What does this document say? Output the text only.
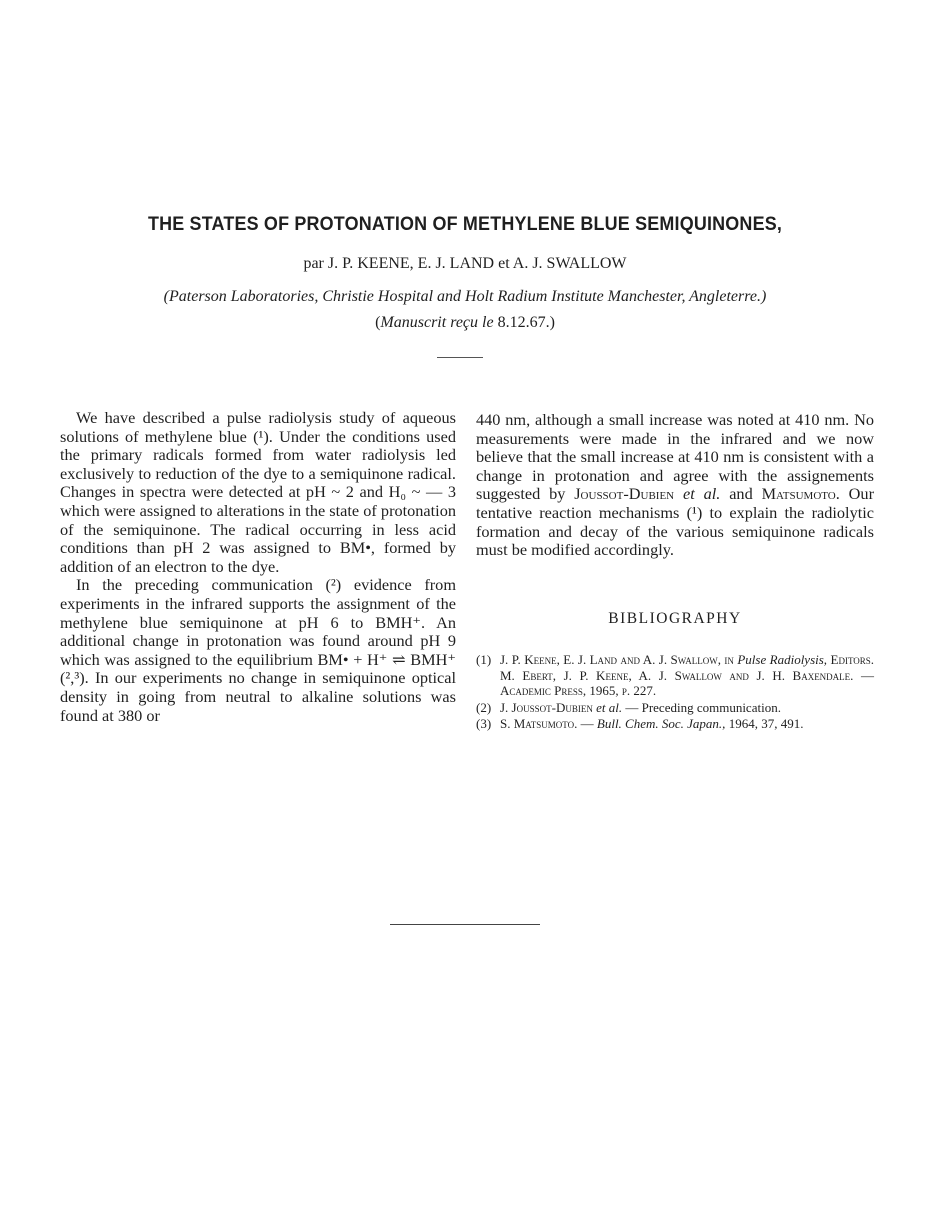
THE STATES OF PROTONATION OF METHYLENE BLUE SEMIQUINONES,
par J. P. KEENE, E. J. LAND et A. J. SWALLOW
(Paterson Laboratories, Christie Hospital and Holt Radium Institute Manchester, Angleterre.)
(Manuscrit reçu le 8.12.67.)

We have described a pulse radiolysis study of aqueous solutions of methylene blue (¹). Under the conditions used the primary radicals formed from water radiolysis led exclusively to reduction of the dye to a semiquinone radical. Changes in spectra were detected at pH ~ 2 and H₀ ~ — 3 which were assigned to alterations in the state of protonation of the semiquinone. The radical occurring in less acid conditions than pH 2 was assigned to BM•, formed by addition of an electron to the dye.

In the preceding communication (²) evidence from experiments in the infrared supports the assignment of the methylene blue semiquinone at pH 6 to BMH⁺. An additional change in protonation was found around pH 9 which was assigned to the equilibrium BM• + H⁺ ⇌ BMH⁺ (²,³). In our experiments no change in semiquinone optical density in going from neutral to alkaline solutions was found at 380 or

440 nm, although a small increase was noted at 410 nm. No measurements were made in the infrared and we now believe that the small increase at 410 nm is consistent with a change in protonation and agree with the assignements suggested by Joussot-Dubien et al. and Matsumoto. Our tentative reaction mechanisms (¹) to explain the radiolytic formation and decay of the various semiquinone radicals must be modified accordingly.

BIBLIOGRAPHY
(1) J. P. Keene, E. J. Land and A. J. Swallow, in Pulse Radiolysis, Editors. M. Ebert, J. P. Keene, A. J. Swallow and J. H. Baxendale. — Academic Press, 1965, p. 227.
(2) J. Joussot-Dubien et al. — Preceding communication.
(3) S. Matsumoto. — Bull. Chem. Soc. Japan., 1964, 37, 491.
